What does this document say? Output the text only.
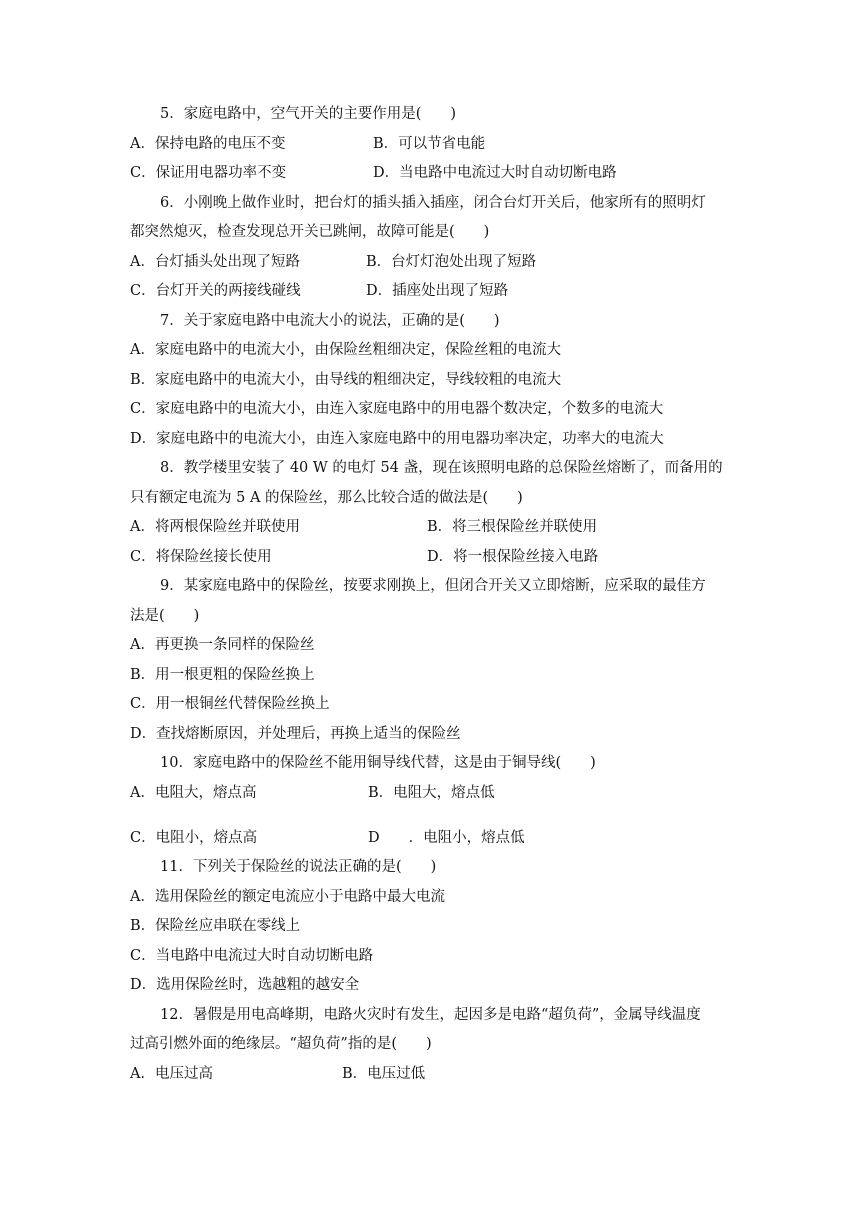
5．家庭电路中，空气开关的主要作用是(　　)
A．保持电路的电压不变	B．可以节省电能
C．保证用电器功率不变	D．当电路中电流过大时自动切断电路
6．小刚晚上做作业时，把台灯的插头插入插座，闭合台灯开关后，他家所有的照明灯
都突然熄灭，检查发现总开关已跳闸，故障可能是(　　)
A．台灯插头处出现了短路	B．台灯灯泡处出现了短路
C．台灯开关的两接线碰线	D．插座处出现了短路
7．关于家庭电路中电流大小的说法，正确的是(　　)
A．家庭电路中的电流大小，由保险丝粗细决定，保险丝粗的电流大
B．家庭电路中的电流大小，由导线的粗细决定，导线较粗的电流大
C．家庭电路中的电流大小，由连入家庭电路中的用电器个数决定，个数多的电流大
D．家庭电路中的电流大小，由连入家庭电路中的用电器功率决定，功率大的电流大
8．教学楼里安装了 40 W 的电灯 54 盏，现在该照明电路的总保险丝熔断了，而备用的
只有额定电流为 5 A 的保险丝，那么比较合适的做法是(　　)
A．将两根保险丝并联使用	B．将三根保险丝并联使用
C．将保险丝接长使用	D．将一根保险丝接入电路
9．某家庭电路中的保险丝，按要求刚换上，但闭合开关又立即熔断，应采取的最佳方
法是(　　)
A．再更换一条同样的保险丝
B．用一根更粗的保险丝换上
C．用一根铜丝代替保险丝换上
D．查找熔断原因，并处理后，再换上适当的保险丝
10．家庭电路中的保险丝不能用铜导线代替，这是由于铜导线(　　)
A．电阻大，熔点高	B．电阻大，熔点低
C．电阻小，熔点高	D　　．电阻小，熔点低
11．下列关于保险丝的说法正确的是(　　)
A．选用保险丝的额定电流应小于电路中最大电流
B．保险丝应串联在零线上
C．当电路中电流过大时自动切断电路
D．选用保险丝时，选越粗的越安全
12．暑假是用电高峰期，电路火灾时有发生，起因多是电路“超负荷”，金属导线温度
过高引燃外面的绝缘层。“超负荷”指的是(　　)
A．电压过高	B．电压过低
